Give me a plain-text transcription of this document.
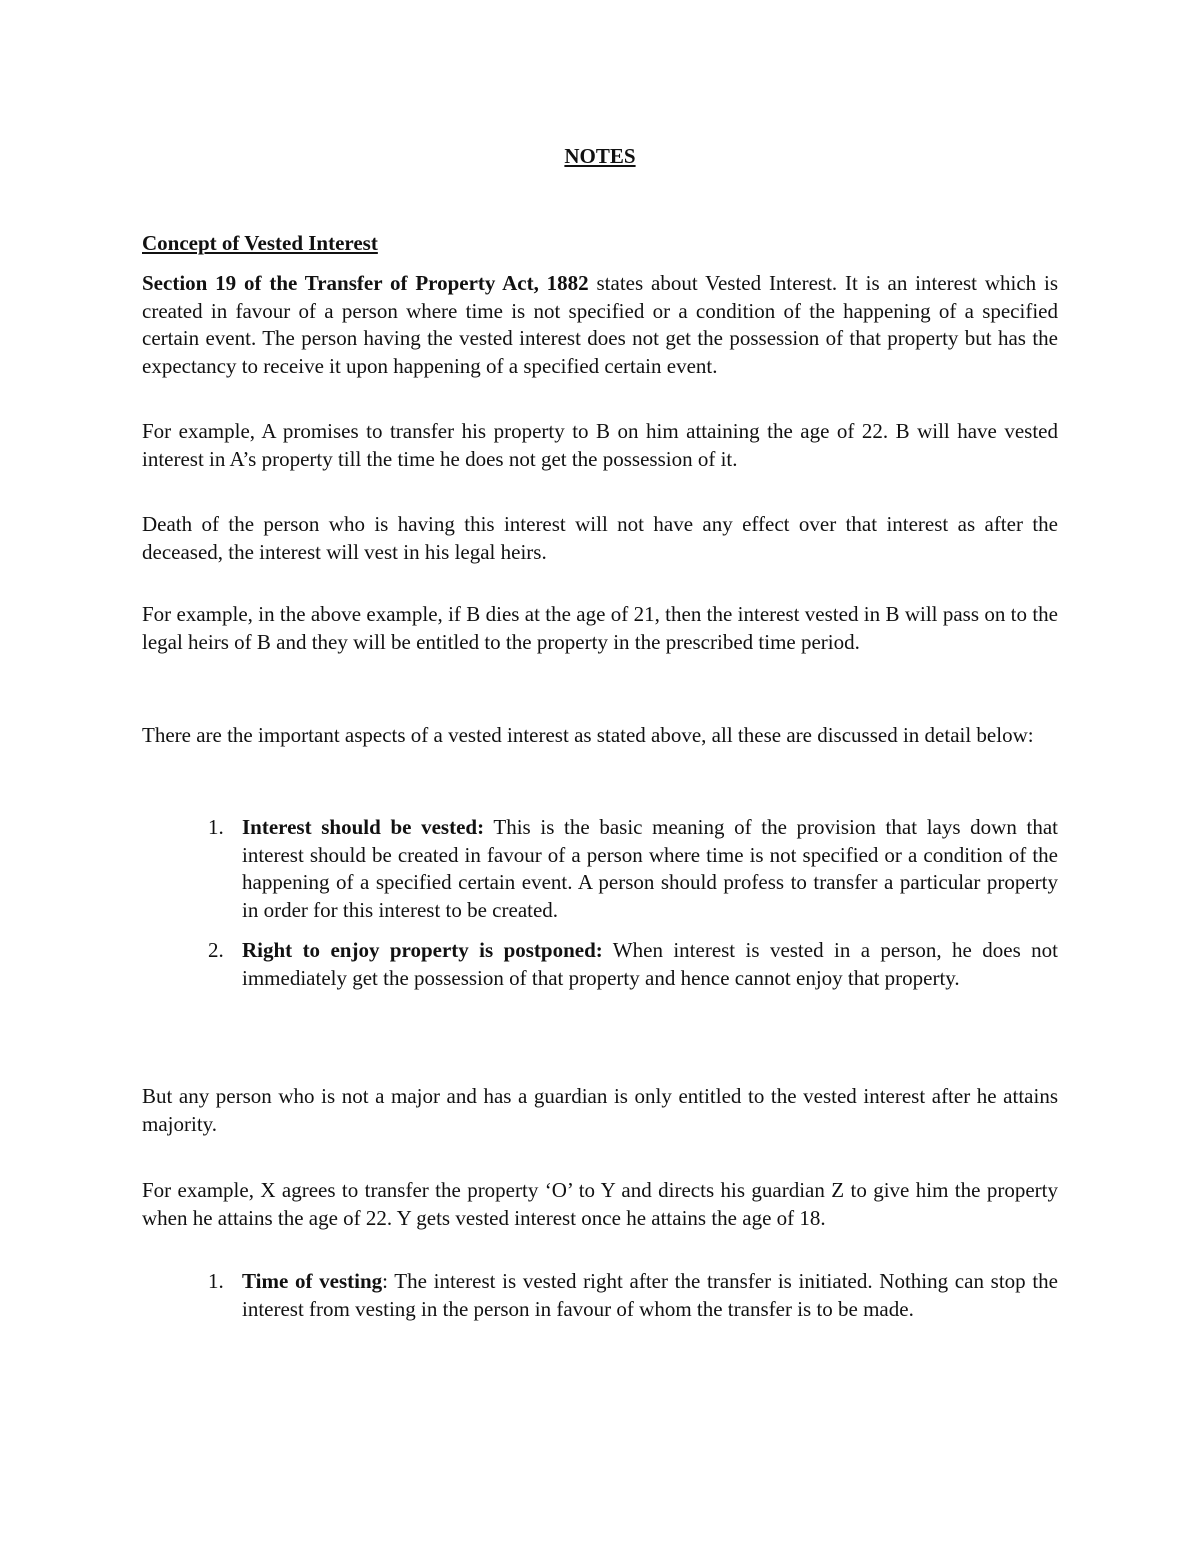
NOTES
Concept of Vested Interest

Section 19 of the Transfer of Property Act, 1882 states about Vested Interest. It is an interest which is created in favour of a person where time is not specified or a condition of the happening of a specified certain event. The person having the vested interest does not get the possession of that property but has the expectancy to receive it upon happening of a specified certain event.

For example, A promises to transfer his property to B on him attaining the age of 22. B will have vested interest in A’s property till the time he does not get the possession of it.

Death of the person who is having this interest will not have any effect over that interest as after the deceased, the interest will vest in his legal heirs.

For example, in the above example, if B dies at the age of 21, then the interest vested in B will pass on to the legal heirs of B and they will be entitled to the property in the prescribed time period.

There are the important aspects of a vested interest as stated above, all these are discussed in detail below:

1. Interest should be vested: This is the basic meaning of the provision that lays down that interest should be created in favour of a person where time is not specified or a condition of the happening of a specified certain event. A person should profess to transfer a particular property in order for this interest to be created.
2. Right to enjoy property is postponed: When interest is vested in a person, he does not immediately get the possession of that property and hence cannot enjoy that property.

But any person who is not a major and has a guardian is only entitled to the vested interest after he attains majority.

For example, X agrees to transfer the property ‘O’ to Y and directs his guardian Z to give him the property when he attains the age of 22. Y gets vested interest once he attains the age of 18.

1. Time of vesting: The interest is vested right after the transfer is initiated. Nothing can stop the interest from vesting in the person in favour of whom the transfer is to be made.
